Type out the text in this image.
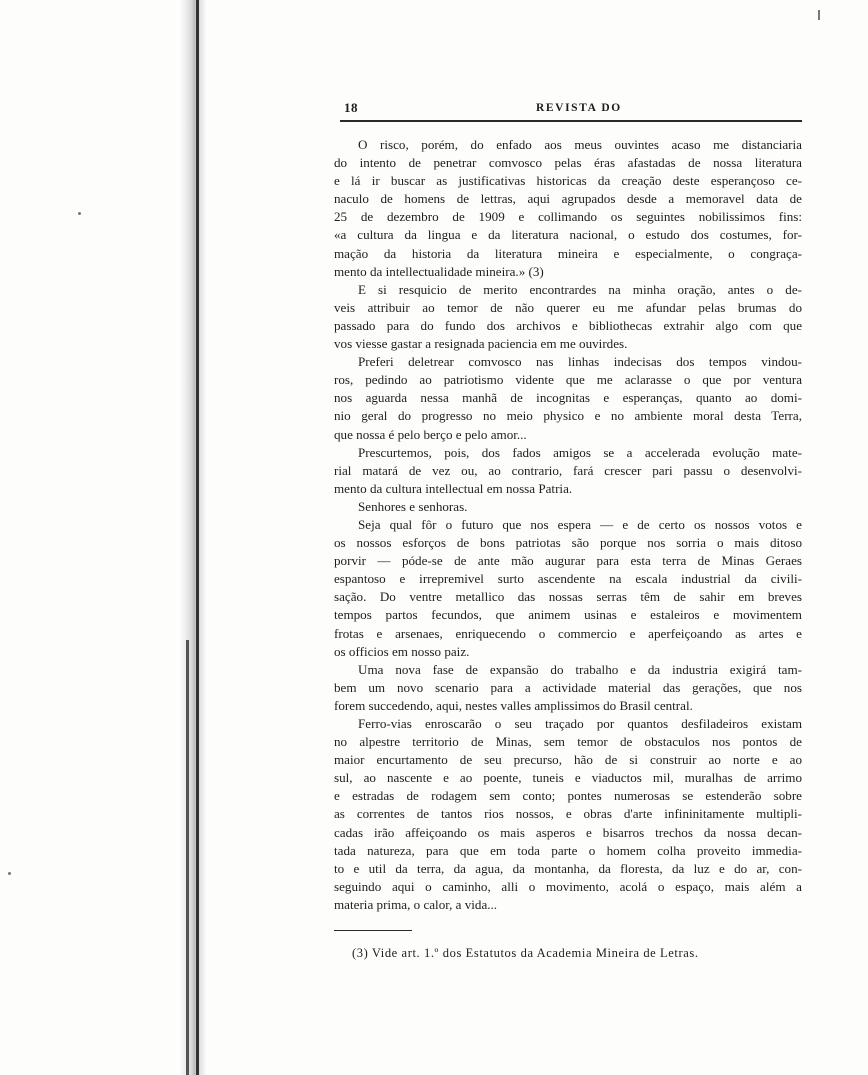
18	REVISTA DO
O risco, porém, do enfado aos meus ouvintes acaso me distanciaria
do intento de penetrar comvosco pelas éras afastadas de nossa literatura
e lá ir buscar as justificativas historicas da creação deste esperançoso ce-
naculo de homens de lettras, aqui agrupados desde a memoravel data de
25 de dezembro de 1909 e collimando os seguintes nobilissimos fins:
«a cultura da lingua e da literatura nacional, o estudo dos costumes, for-
mação da historia da literatura mineira e especialmente, o congraça-
mento da intellectualidade mineira.» (3)
E si resquicio de merito encontrardes na minha oração, antes o de-
veis attribuir ao temor de não querer eu me afundar pelas brumas do
passado para do fundo dos archivos e bibliothecas extrahir algo com que
vos viesse gastar a resignada paciencia em me ouvirdes.
Preferi deletrear comvosco nas linhas indecisas dos tempos vindou-
ros, pedindo ao patriotismo vidente que me aclarasse o que por ventura
nos aguarda nessa manhã de incognitas e esperanças, quanto ao domi-
nio geral do progresso no meio physico e no ambiente moral desta Terra,
que nossa é pelo berço e pelo amor...
Prescurtemos, pois, dos fados amigos se a accelerada evolução mate-
rial matará de vez ou, ao contrario, fará crescer pari passu o desenvolvi-
mento da cultura intellectual em nossa Patria.
Senhores e senhoras.
Seja qual fôr o futuro que nos espera — e de certo os nossos votos e
os nossos esforços de bons patriotas são porque nos sorria o mais ditoso
porvir — póde-se de ante mão augurar para esta terra de Minas Geraes
espantoso e irrepremivel surto ascendente na escala industrial da civili-
sação. Do ventre metallico das nossas serras têm de sahir em breves
tempos partos fecundos, que animem usinas e estaleiros e movimentem
frotas e arsenaes, enriquecendo o commercio e aperfeiçoando as artes e
os officios em nosso paiz.
Uma nova fase de expansão do trabalho e da industria exigirá tam-
bem um novo scenario para a actividade material das gerações, que nos
forem succedendo, aqui, nestes valles amplissimos do Brasil central.
Ferro-vias enroscarão o seu traçado por quantos desfiladeiros existam
no alpestre territorio de Minas, sem temor de obstaculos nos pontos de
maior encurtamento de seu precurso, hão de si construir ao norte e ao
sul, ao nascente e ao poente, tuneis e viaductos mil, muralhas de arrimo
e estradas de rodagem sem conto; pontes numerosas se estenderão sobre
as correntes de tantos rios nossos, e obras d'arte infininitamente multipli-
cadas irão affeiçoando os mais asperos e bisarros trechos da nossa decan-
tada natureza, para que em toda parte o homem colha proveito immedia-
to e util da terra, da agua, da montanha, da floresta, da luz e do ar, con-
seguindo aqui o caminho, alli o movimento, acolá o espaço, mais além a
materia prima, o calor, a vida...
(3) Vide art. 1.º dos Estatutos da Academia Mineira de Letras.
